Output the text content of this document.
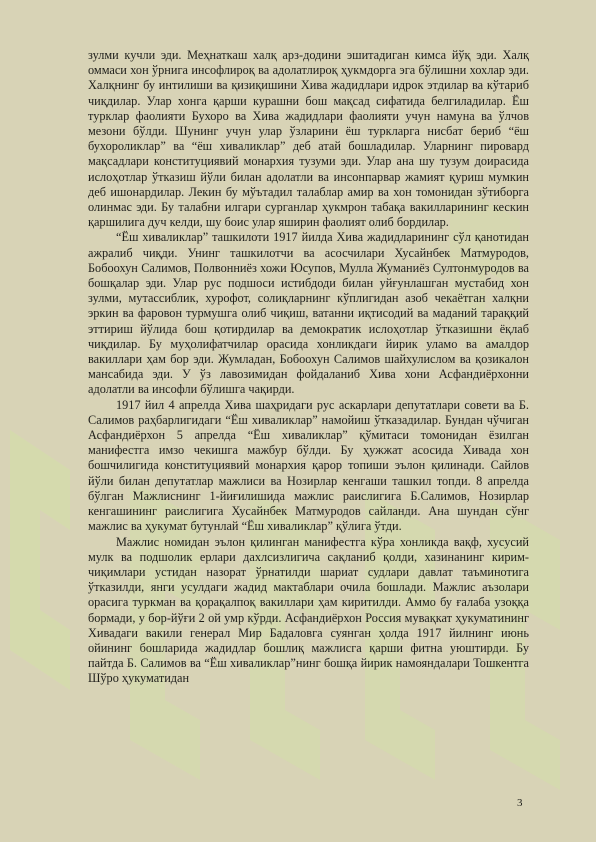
зулми кучли эди. Меҳнаткаш халқ арз-додини эшитадиган кимса йўқ эди. Халқ оммаси хон ўрнига инсофлироқ ва адолатлироқ ҳукмдорга эга бўлишни хохлар эди. Халқнинг бу интилиши ва қизиқишини Хива жадидлари идрок этдилар ва кўтариб чиқдилар. Улар хонга қарши курашни бош мақсад сифатида белгиладилар. Ёш турклар фаолияти Бухоро ва Хива жадидлари фаолияти учун намуна ва ўлчов мезони бўлди. Шунинг учун улар ўзларини ёш туркларга нисбат бериб “ёш бухороликлар” ва “ёш хиваликлар” деб атай бошладилар. Уларнинг пировард мақсадлари конституциявий монархия тузуми эди. Улар ана шу тузум доирасида ислоҳотлар ўтказиш йўли билан адолатли ва инсонпарвар жамият қуриш мумкин деб ишонардилар. Лекин бу мўътадил талаблар амир ва хон томонидан зўтиборга олинмас эди. Бу талабни илгари сурганлар ҳукмрон табақа вакилларининг кескин қаршилига дуч келди, шу боис улар яширин фаолият олиб бордилар.

“Ёш хиваликлар” ташкилоти 1917 йилда Хива жадидларининг сўл қанотидан ажралиб чиқди. Унинг ташкилотчи ва асосчилари Хусайнбек Матмуродов, Бобоохун Салимов, Полвонниёз хожи Юсупов, Мулла Жуманиёз Султонмуродов ва бошқалар эди. Улар рус подшоси истибдоди билан уйғунлашган мустабид хон зулми, мутассиблик, хурофот, солиқларнинг кўплигидан азоб чекаётган халқни эркин ва фаровон турмушга олиб чиқиш, ватанни иқтисодий ва маданий тараққий эттириш йўлида бош қотирдилар ва демократик ислоҳотлар ўтказишни ёқлаб чиқдилар. Бу муҳолифатчилар орасида хонликдаги йирик уламо ва амалдор вакиллари ҳам бор эди. Жумладан, Бобоохун Салимов шайхулислом ва қозикалон мансабида эди. У ўз лавозимидан фойдаланиб Хива хони Асфандиёрхонни адолатли ва инсофли бўлишга чақирди.

1917 йил 4 апрелда Хива шаҳридаги рус аскарлари депутатлари совети ва Б. Салимов раҳбарлигидаги “Ёш хиваликлар” намойиш ўтказадилар. Бундан чўчиган Асфандиёрхон 5 апрелда “Ёш хиваликлар” қўмитаси томонидан ёзилган манифестга имзо чекишга мажбур бўлди. Бу ҳужжат асосида Хивада хон бошчилигида конституциявий монархия қарор топиши эълон қилинади. Сайлов йўли билан депутатлар мажлиси ва Нозирлар кенгаши ташкил топди. 8 апрелда бўлган Мажлиснинг 1-йиғилишида мажлис раислигига Б.Салимов, Нозирлар кенгашининг раислигига Хусайнбек Матмуродов сайланди. Ана шундан сўнг мажлис ва ҳукумат бутунлай “Ёш хиваликлар” қўлига ўтди.

Мажлис номидан эълон қилинган манифестга кўра хонликда вақф, хусусий мулк ва подшолик ерлари дахлсизлигича сақланиб қолди, хазинанинг кирим-чиқимлари устидан назорат ўрнатилди шариат судлари давлат таъминотига ўтказилди, янги усулдаги жадид мактаблари очила бошлади. Мажлис аъзолари орасига туркман ва қорақалпоқ вакиллари ҳам киритилди. Аммо бу ғалаба узоққа бормади, у бор-йўғи 2 ой умр кўрди. Асфандиёрхон Россия мувақкат ҳукуматининг Хивадаги вакили генерал Мир Бадаловга суянган ҳолда 1917 йилнинг июнь ойининг бошларида жадидлар бошлиқ мажлисга қарши фитна уюштирди. Бу пайтда Б. Салимов ва “Ёш хиваликлар”нинг бошқа йирик намояндалари Тошкентга Шўро ҳукуматидан

3
